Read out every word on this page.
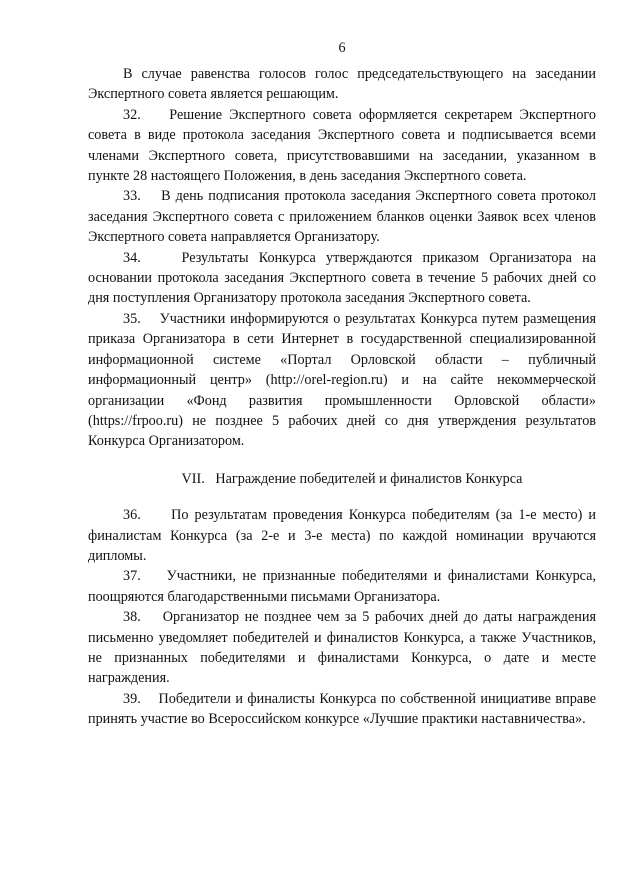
6

В случае равенства голосов голос председательствующего на заседании Экспертного совета является решающим.

32.    Решение Экспертного совета оформляется секретарем Экспертного совета в виде протокола заседания Экспертного совета и подписывается всеми членами Экспертного совета, присутствовавшими на заседании, указанном в пункте 28 настоящего Положения, в день заседания Экспертного совета.

33.    В день подписания протокола заседания Экспертного совета протокол заседания Экспертного совета с приложением бланков оценки Заявок всех членов Экспертного совета направляется Организатору.

34.    Результаты Конкурса утверждаются приказом Организатора на основании протокола заседания Экспертного совета в течение 5 рабочих дней со дня поступления Организатору протокола заседания Экспертного совета.

35.    Участники информируются о результатах Конкурса путем размещения приказа Организатора в сети Интернет в государственной специализированной информационной системе «Портал Орловской области – публичный информационный центр» (http://orel-region.ru) и на сайте некоммерческой организации «Фонд развития промышленности Орловской области» (https://frpoo.ru) не позднее 5 рабочих дней со дня утверждения результатов Конкурса Организатором.

VII.   Награждение победителей и финалистов Конкурса

36.     По результатам проведения Конкурса победителям (за 1-е место) и финалистам Конкурса (за 2-е и 3-е места) по каждой номинации вручаются дипломы.

37.    Участники, не признанные победителями и финалистами Конкурса, поощряются благодарственными письмами Организатора.

38.    Организатор не позднее чем за 5 рабочих дней до даты награждения письменно уведомляет победителей и финалистов Конкурса, а также Участников, не признанных победителями и финалистами Конкурса, о дате и месте награждения.

39.    Победители и финалисты Конкурса по собственной инициативе вправе принять участие во Всероссийском конкурсе «Лучшие практики наставничества».
